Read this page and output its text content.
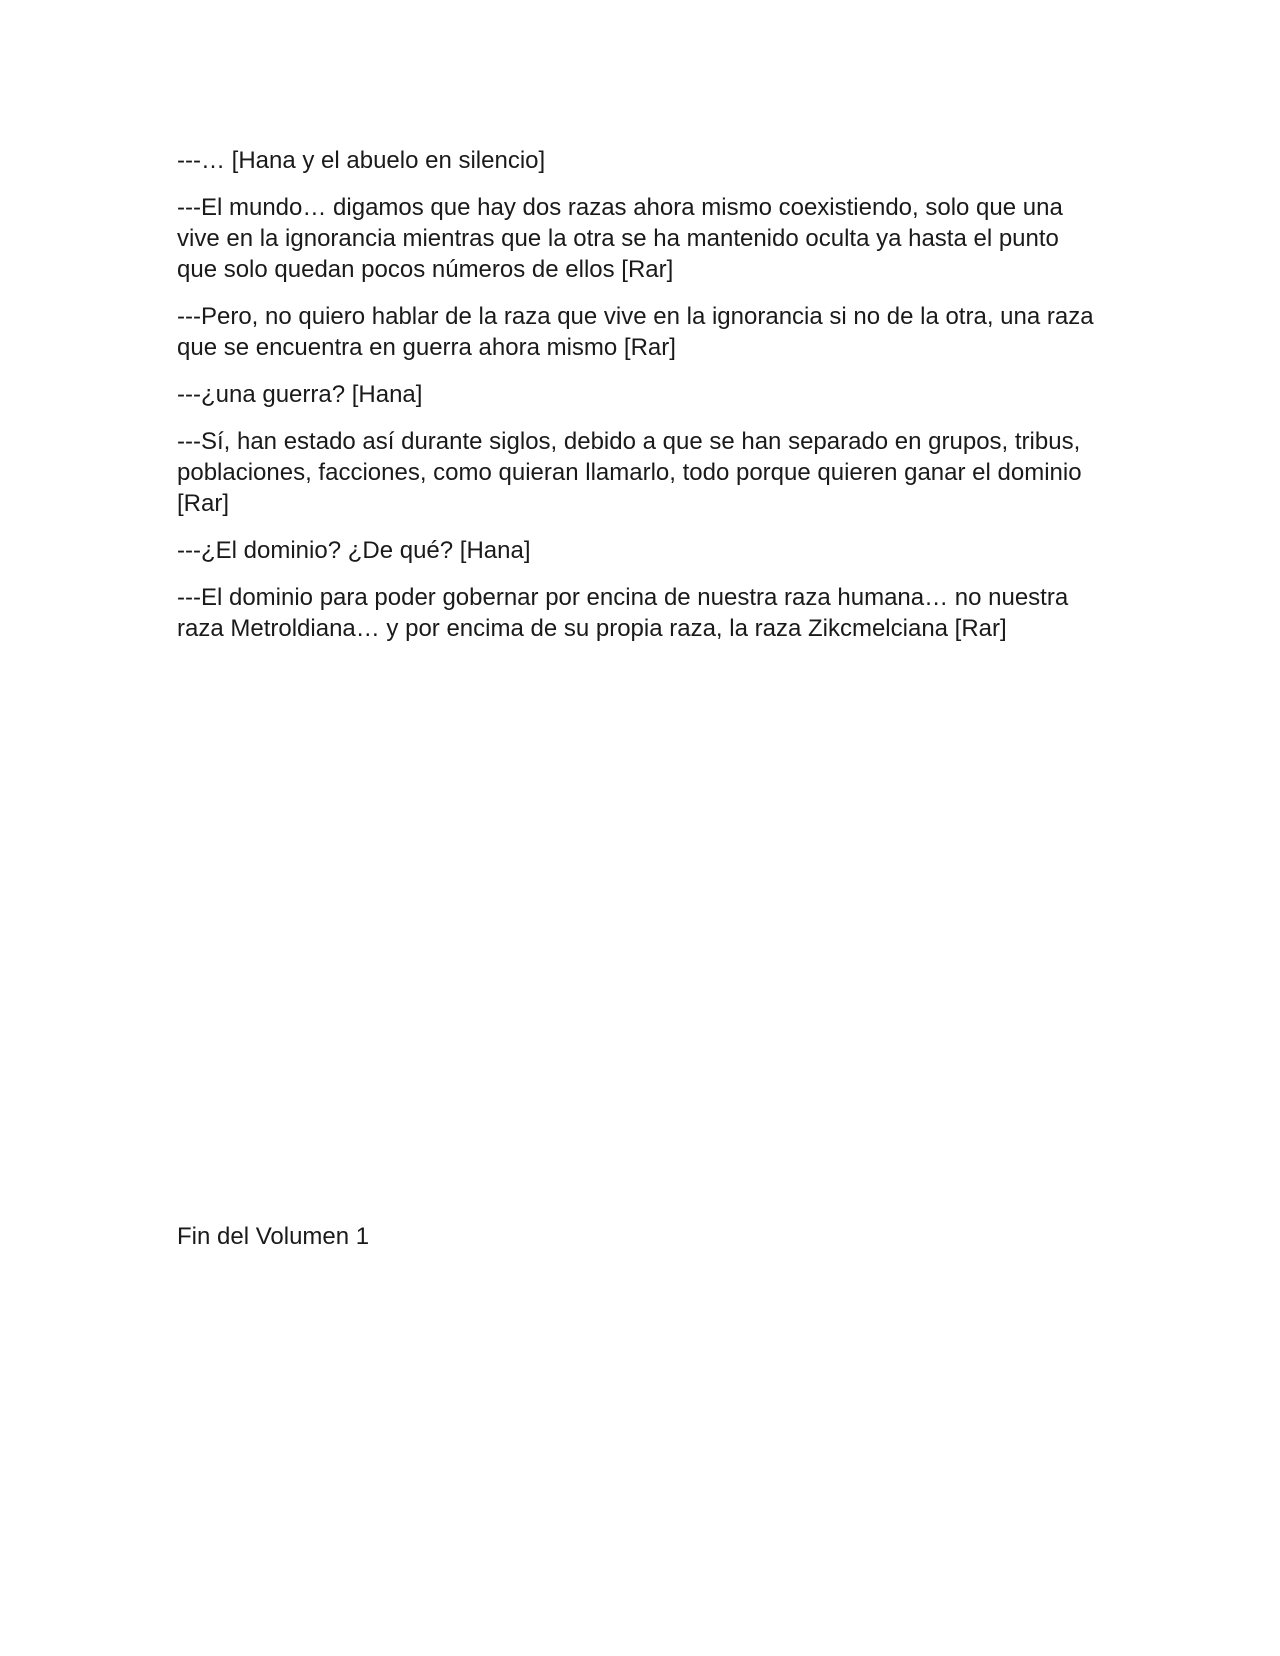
---… [Hana y el abuelo en silencio]

---El mundo… digamos que hay dos razas ahora mismo coexistiendo, solo que una vive en la ignorancia mientras que la otra se ha mantenido oculta ya hasta el punto que solo quedan pocos números de ellos [Rar]

---Pero, no quiero hablar de la raza que vive en la ignorancia si no de la otra, una raza que se encuentra en guerra ahora mismo [Rar]

---¿una guerra? [Hana]

---Sí, han estado así durante siglos, debido a que se han separado en grupos, tribus, poblaciones, facciones, como quieran llamarlo, todo porque quieren ganar el dominio [Rar]

---¿El dominio? ¿De qué? [Hana]

---El dominio para poder gobernar por encina de nuestra raza humana… no nuestra raza Metroldiana… y por encima de su propia raza, la raza Zikcmelciana [Rar]

Fin del Volumen 1
